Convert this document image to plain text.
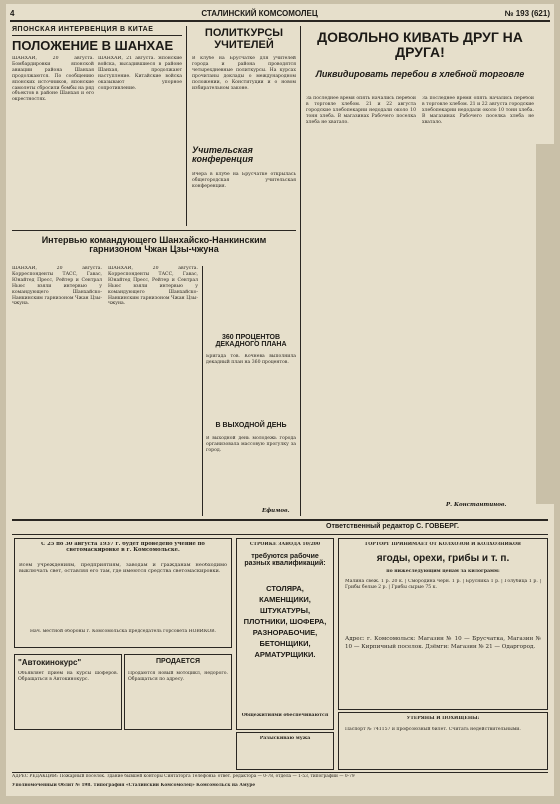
4	СТАЛИНСКИЙ КОМСОМОЛЕЦ	№ 193 (621)
ЯПОНСКАЯ ИНТЕРВЕНЦИЯ В КИТАЕ
ПОЛОЖЕНИЕ В ШАНХАЕ
ШАНХАЙ, 20 августа. Бомбардировки японской авиации района Шанхая продолжаются. По сообщению японских источников, японские самолеты сбросили бомбы на ряд объектов в районе Шанхая и его окрестностях.
ШАНХАЙ, 21 августа. Японские войска, высадившиеся в районе Шанхая, продолжают наступление. Китайские войска оказывают упорное сопротивление.
ПОЛИТКУРСЫ УЧИТЕЛЕЙ
В клубе на Брусчатке для учителей города и района проводятся четырехдневные политкурсы. На курсах прочитаны доклады о международном положении, о Конституции и о новом избирательном законе.
Учительская конференция
Вчера в клубе на Брусчатке открылась общегородская учительская конференция.
ДОВОЛЬНО КИВАТЬ ДРУГ НА ДРУГА!
Ликвидировать перебои в хлебной торговле
За последнее время опять начались перебои в торговле хлебом. 21 и 22 августа городские хлебопекарни недодали около 10 тонн хлеба. В магазинах Рабочего поселка хлеба не хватало.
За последнее время опять начались перебои в торговле хлебом. 21 и 22 августа городские хлебопекарни недодали около 10 тонн хлеба. В магазинах Рабочего поселка хлеба не хватало.
Р. Константинов.
Интервью командующего Шанхайско-Нанкинским гарнизоном Чжан Цзы-чжуна
ШАНХАЙ, 20 августа. Корреспонденты ТАСС, Гавас, Юнайтед Пресс, Рейтер и Сентрал Ньюс взяли интервью у командующего Шанхайско-Нанкинским гарнизоном Чжан Цзы-чжуна.
ШАНХАЙ, 20 августа. Корреспонденты ТАСС, Гавас, Юнайтед Пресс, Рейтер и Сентрал Ньюс взяли интервью у командующего Шанхайско-Нанкинским гарнизоном Чжан Цзы-чжуна.
360 ПРОЦЕНТОВ ДЕКАДНОГО ПЛАНА
Бригада тов. Кочнева выполнила декадный план на 360 процентов.
В ВЫХОДНОЙ ДЕНЬ
В выходной день молодежь города организовала массовую прогулку за город.
Ефимов.
Ответственный редактор С. ГОВБЕРГ.
С 25 по 30 августа 1937 г. будет проведено учение по светомаскировке в г. Комсомольске.
Всем учреждениям, предприятиям, заводам и гражданам необходимо выключать свет, оставляя его там, где имеются средства светомаскировки.
Нач. местной обороны г. Комсомольска председатель горсовета НОВИКОВ.
СТРОЙКЕ ЗАВОДА 10/200
требуются рабочие разных квалификаций:
СТОЛЯРА, КАМЕНЩИКИ, ШТУКАТУРЫ, ПЛОТНИКИ, ШОФЕРА, РАЗНОРАБОЧИЕ, БЕТОНЩИКИ, АРМАТУРЩИКИ.
Общежитиями обеспечиваются
ГОРТОРГ ПРИНИМАЕТ ОТ КОЛХОЗОВ И КОЛХОЗНИКОВ
ягоды, орехи, грибы и т. п.
по нижеследующим ценам за килограмм:
Малина свеж. 1 р. 20 к. | Смородина черн. 1 р. | Брусника 1 р. | Голубица 1 р. | Грибы белые 2 р. | Грибы сырые 75 к.
Адрес: г. Комсомольск: Магазин № 10 — Брусчатка, Магазин № 10 — Кирпичный поселок. Дзёмги: Магазин № 21 — Одаргород.
"Автокинокурс"
Объявляет прием на курсы шоферов. Обращаться в Автокинокурс.
ПРОДАЕТСЯ
Продаются новый мотоцикл, недорого. Обращаться по адресу.
Разыскиваю мужа
УТЕРЯНЫ И ПОХИЩЕНЫ:
Паспорт № 741157 и профсоюзный билет. Считать недействительными.
АДРЕС РЕДАКЦИИ: Пожарный поселок. Здание бывшей конторы Синтаторга Телефоны: ответ. редактора — 0-78, отдела — 1-53, типографии — 0-79
Уполномоченный Облит № 198. Типография «Сталинский Комсомолец» Комсомольск на Амуре
